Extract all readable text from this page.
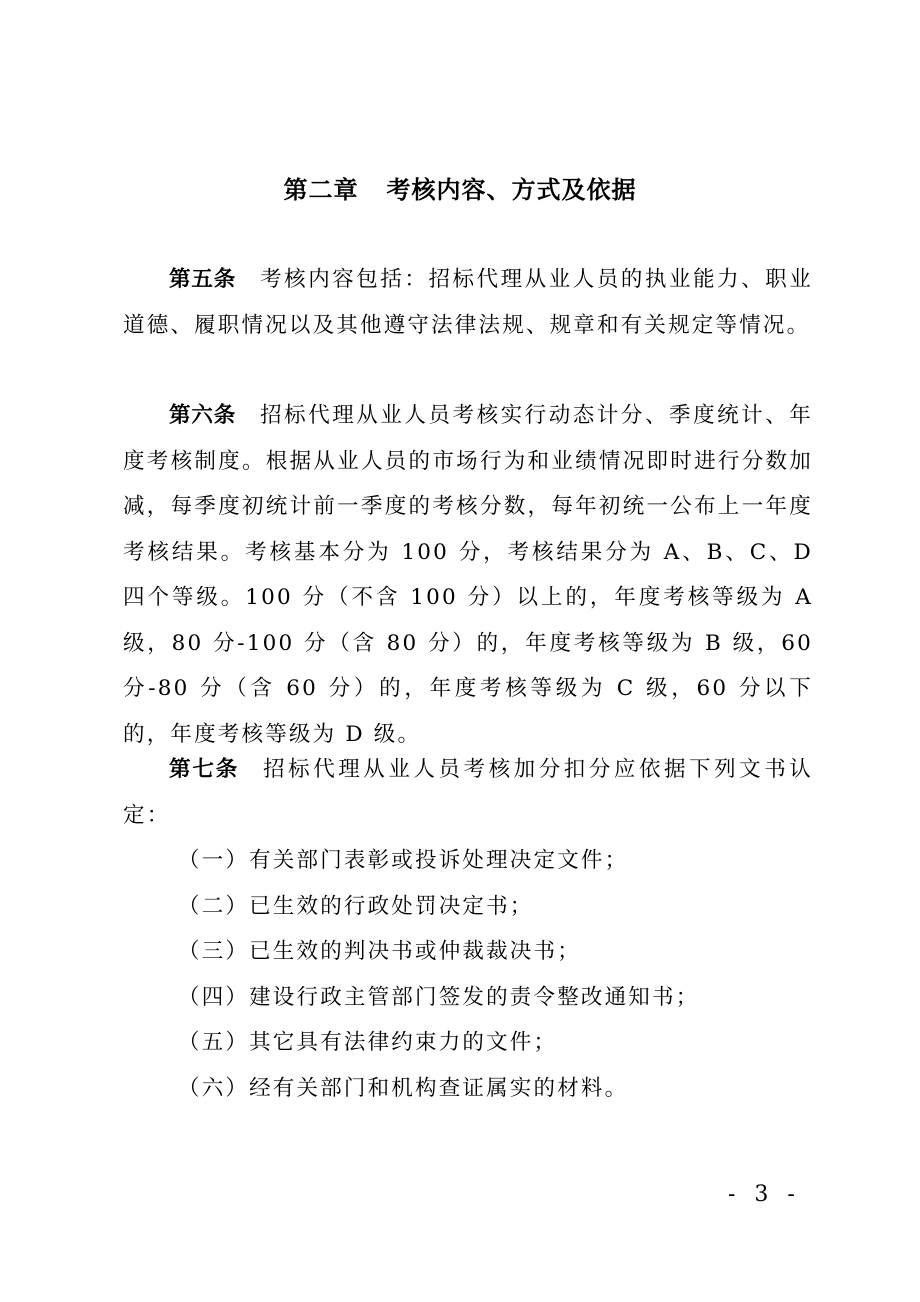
第二章 考核内容、方式及依据
第五条 考核内容包括：招标代理从业人员的执业能力、职业道德、履职情况以及其他遵守法律法规、规章和有关规定等情况。
第六条 招标代理从业人员考核实行动态计分、季度统计、年度考核制度。根据从业人员的市场行为和业绩情况即时进行分数加减，每季度初统计前一季度的考核分数，每年初统一公布上一年度考核结果。考核基本分为 100 分，考核结果分为 A、B、C、D 四个等级。100 分（不含 100 分）以上的，年度考核等级为 A 级，80 分-100 分（含 80 分）的，年度考核等级为 B 级，60 分-80 分（含 60 分）的，年度考核等级为 C 级，60 分以下的，年度考核等级为 D 级。
第七条 招标代理从业人员考核加分扣分应依据下列文书认定：
（一）有关部门表彰或投诉处理决定文件；
（二）已生效的行政处罚决定书；
（三）已生效的判决书或仲裁裁决书；
（四）建设行政主管部门签发的责令整改通知书；
（五）其它具有法律约束力的文件；
（六）经有关部门和机构查证属实的材料。
- 3 -
